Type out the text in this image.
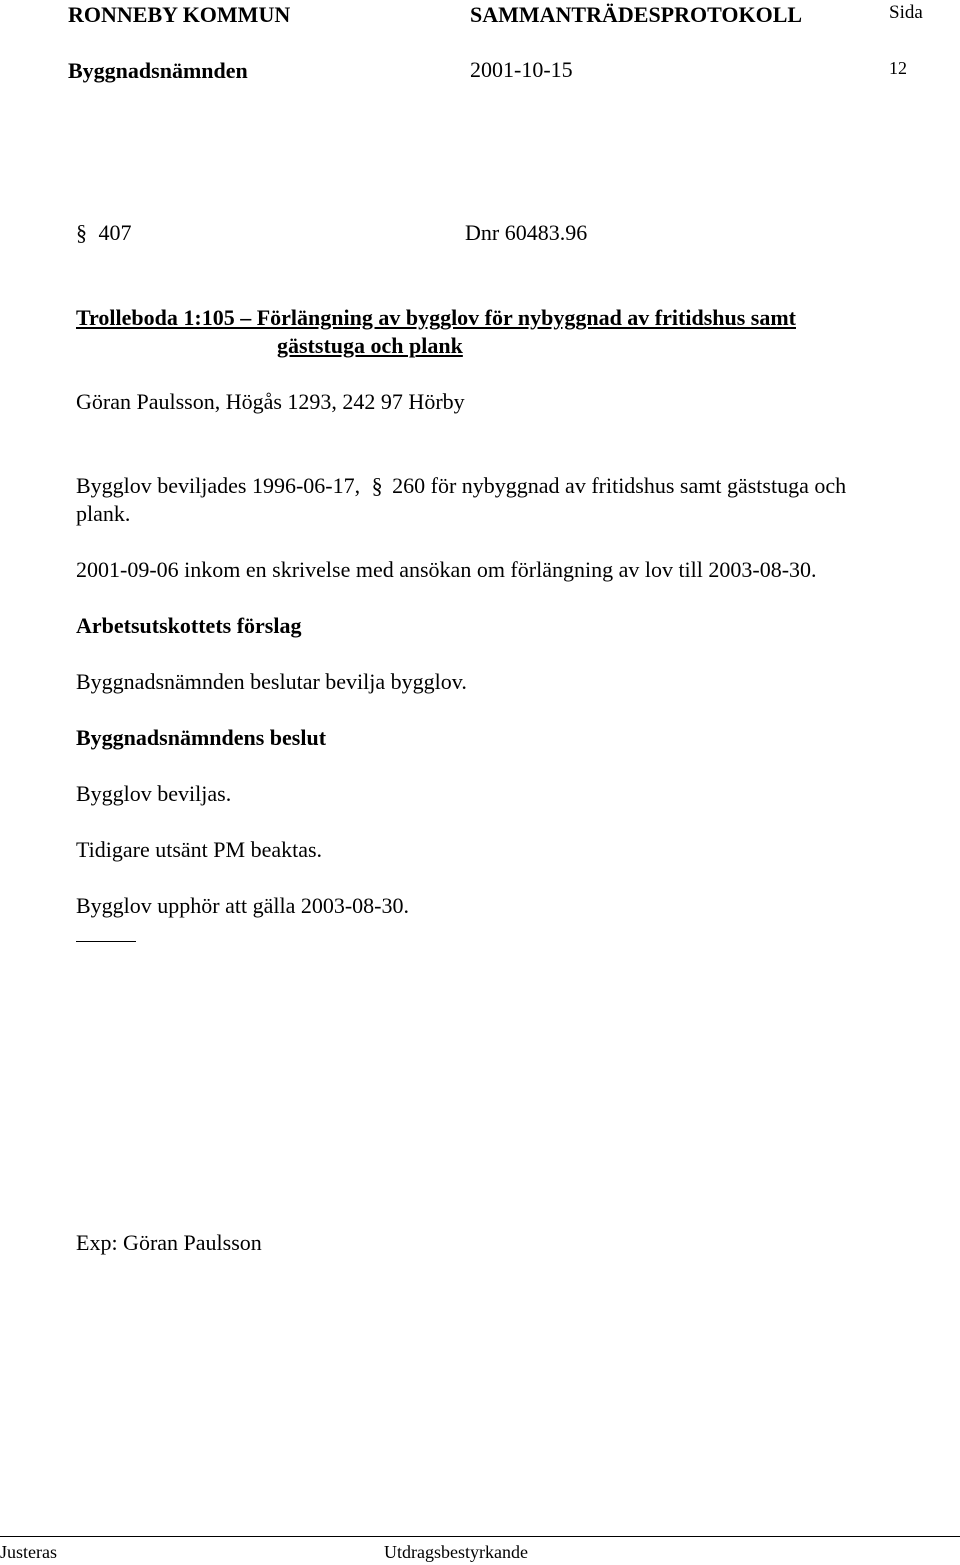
RONNEBY KOMMUN	SAMMANTRÄDESPROTOKOLL	Sida
Byggnadsnämnden	2001-10-15	12
§ 407	Dnr 60483.96
Trolleboda 1:105 – Förlängning av bygglov för nybyggnad av fritidshus samt
gäststuga och plank
Göran Paulsson, Högås 1293, 242 97 Hörby
Bygglov beviljades 1996-06-17, § 260 för nybyggnad av fritidshus samt gäststuga och
plank.
2001-09-06 inkom en skrivelse med ansökan om förlängning av lov till 2003-08-30.
Arbetsutskottets förslag
Byggnadsnämnden beslutar bevilja bygglov.
Byggnadsnämndens beslut
Bygglov beviljas.
Tidigare utsänt PM beaktas.
Bygglov upphör att gälla 2003-08-30.
Exp: Göran Paulsson
Justeras	Utdragsbestyrkande
